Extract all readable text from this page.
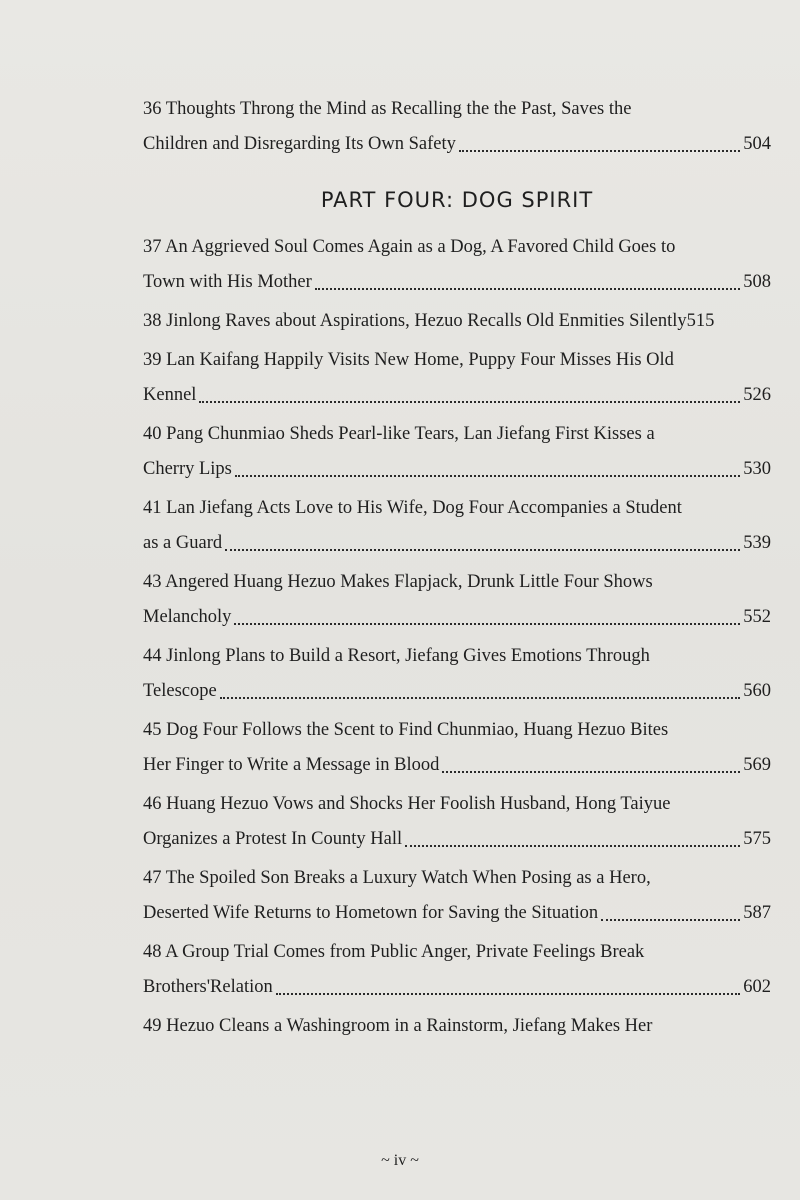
36 Thoughts Throng the Mind as Recalling the the Past, Saves the
Children and Disregarding Its Own Safety	504
PART FOUR: DOG SPIRIT
37 An Aggrieved Soul Comes Again as a Dog, A Favored Child Goes to
Town with His Mother	508
38 Jinlong Raves about Aspirations, Hezuo Recalls Old Enmities Silently 515
39 Lan Kaifang Happily Visits New Home, Puppy Four Misses His Old
Kennel	526
40 Pang Chunmiao Sheds Pearl-like Tears, Lan Jiefang First Kisses a
Cherry Lips	530
41 Lan Jiefang Acts Love to His Wife, Dog Four Accompanies a Student
as a Guard	539
43 Angered Huang Hezuo Makes Flapjack, Drunk Little Four Shows
Melancholy	552
44 Jinlong Plans to Build a Resort, Jiefang Gives Emotions Through
Telescope	560
45 Dog Four Follows the Scent to Find Chunmiao, Huang Hezuo Bites
Her Finger to Write a Message in Blood	569
46 Huang Hezuo Vows and Shocks Her Foolish Husband, Hong Taiyue
Organizes a Protest In County Hall	575
47 The Spoiled Son Breaks a Luxury Watch When Posing as a Hero,
Deserted Wife Returns to Hometown for Saving the Situation	587
48 A Group Trial Comes from Public Anger, Private Feelings Break
Brothers'Relation	602
49 Hezuo Cleans a Washingroom in a Rainstorm, Jiefang Makes Her
~ iv ~
